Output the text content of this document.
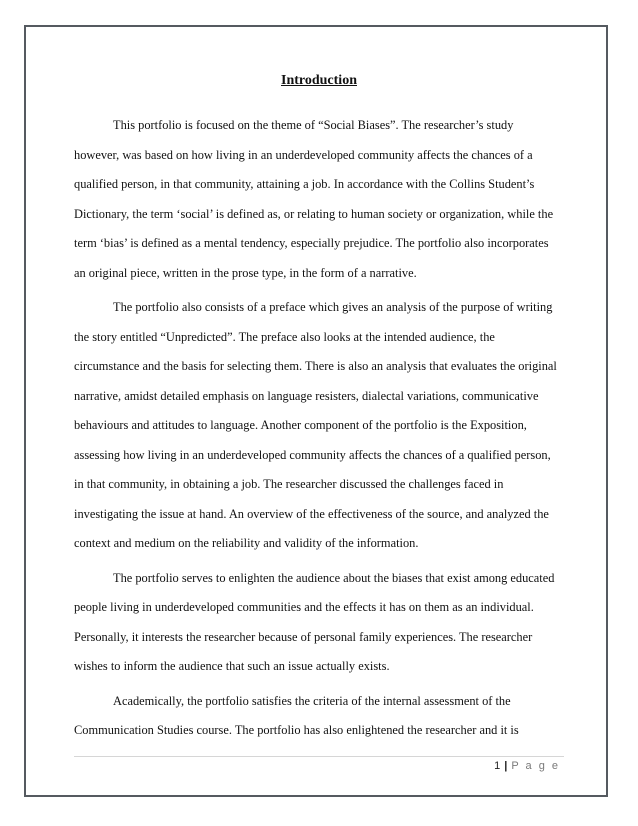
Introduction
This portfolio is focused on the theme of “Social Biases”. The researcher’s study
however, was based on how living in an underdeveloped community affects the chances of a
qualified person, in that community, attaining a job. In accordance with the Collins Student’s
Dictionary, the term ‘social’ is defined as, or relating to human society or organization, while the
term ‘bias’ is defined as a mental tendency, especially prejudice. The portfolio also incorporates
an original piece, written in the prose type, in the form of a narrative.
The portfolio also consists of a preface which gives an analysis of the purpose of writing
the story entitled “Unpredicted”. The preface also looks at the intended audience, the
circumstance and the basis for selecting them. There is also an analysis that evaluates the original
narrative, amidst detailed emphasis on language resisters, dialectal variations, communicative
behaviours and attitudes to language. Another component of the portfolio is the Exposition,
assessing how living in an underdeveloped community affects the chances of a qualified person,
in that community, in obtaining a job. The researcher discussed the challenges faced in
investigating the issue at hand. An overview of the effectiveness of the source, and analyzed the
context and medium on the reliability and validity of the information.
The portfolio serves to enlighten the audience about the biases that exist among educated
people living in underdeveloped communities and the effects it has on them as an individual.
Personally, it interests the researcher because of personal family experiences. The researcher
wishes to inform the audience that such an issue actually exists.
Academically, the portfolio satisfies the criteria of the internal assessment of the
Communication Studies course. The portfolio has also enlightened the researcher and it is
1 | P a g e
